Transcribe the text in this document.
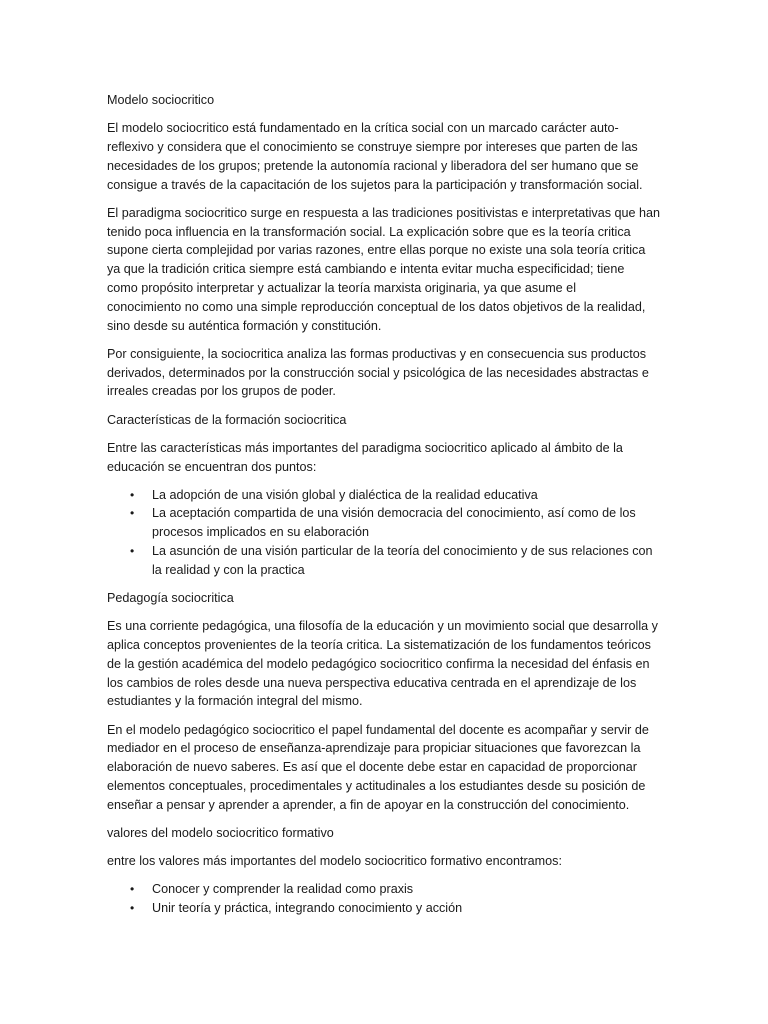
Modelo sociocritico

El modelo sociocritico está fundamentado en la crítica social con un marcado carácter auto-
reflexivo y considera que el conocimiento se construye siempre por intereses que parten de las
necesidades de los grupos; pretende la autonomía racional y liberadora del ser humano que se
consigue a través de la capacitación de los sujetos para la participación y transformación social.

El paradigma sociocritico surge en respuesta a las tradiciones positivistas e interpretativas que han
tenido poca influencia en la transformación social. La explicación sobre que es la teoría critica
supone cierta complejidad por varias razones, entre ellas porque no existe una sola teoría critica
ya que la tradición critica siempre está cambiando e intenta evitar mucha especificidad; tiene
como propósito interpretar y actualizar la teoría marxista originaria, ya que asume el
conocimiento no como una simple reproducción conceptual de los datos objetivos de la realidad,
sino desde su auténtica formación y constitución.

Por consiguiente, la sociocritica analiza las formas productivas y en consecuencia sus productos
derivados, determinados por la construcción social y psicológica de las necesidades abstractas e
irreales creadas por los grupos de poder.

Características de la formación sociocritica

Entre las características más importantes del paradigma sociocritico aplicado al ámbito de la
educación se encuentran dos puntos:

• La adopción de una visión global y dialéctica de la realidad educativa
• La aceptación compartida de una visión democracia del conocimiento, así como de los
procesos implicados en su elaboración
• La asunción de una visión particular de la teoría del conocimiento y de sus relaciones con
la realidad y con la practica
Pedagogía sociocritica

Es una corriente pedagógica, una filosofía de la educación y un movimiento social que desarrolla y
aplica conceptos provenientes de la teoría critica. La sistematización de los fundamentos teóricos
de la gestión académica del modelo pedagógico sociocritico confirma la necesidad del énfasis en
los cambios de roles desde una nueva perspectiva educativa centrada en el aprendizaje de los
estudiantes y la formación integral del mismo.

En el modelo pedagógico sociocritico el papel fundamental del docente es acompañar y servir de
mediador en el proceso de enseñanza-aprendizaje para propiciar situaciones que favorezcan la
elaboración de nuevo saberes. Es así que el docente debe estar en capacidad de proporcionar
elementos conceptuales, procedimentales y actitudinales a los estudiantes desde su posición de
enseñar a pensar y aprender a aprender, a fin de apoyar en la construcción del conocimiento.

valores del modelo sociocritico formativo

entre los valores más importantes del modelo sociocritico formativo encontramos:

• Conocer y comprender la realidad como praxis
• Unir teoría y práctica, integrando conocimiento y acción
